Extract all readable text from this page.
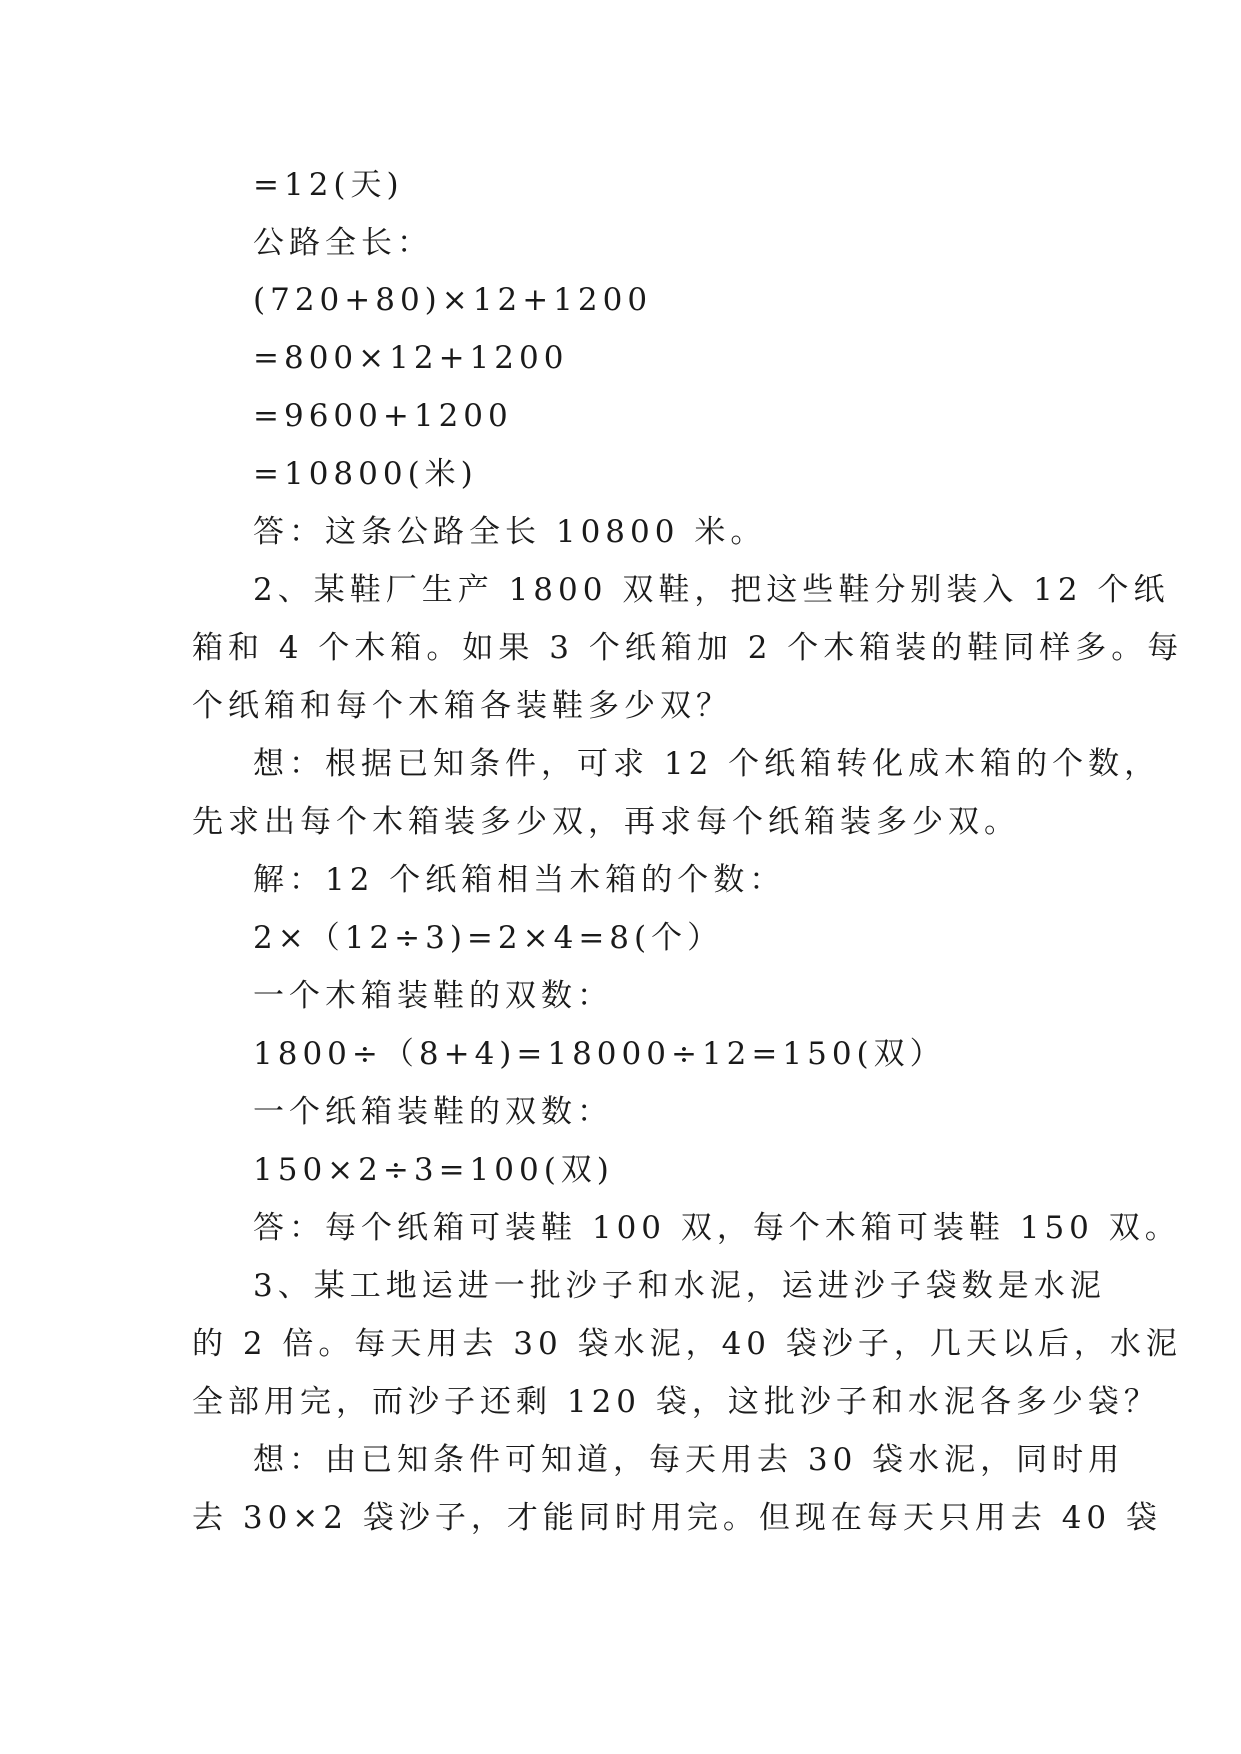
=12(天)
公路全长：
(720+80)×12+1200
=800×12+1200
=9600+1200
=10800(米)
答：这条公路全长 10800 米。
2、某鞋厂生产 1800 双鞋，把这些鞋分别装入 12 个纸
箱和 4 个木箱。如果 3 个纸箱加 2 个木箱装的鞋同样多。每
个纸箱和每个木箱各装鞋多少双？
想：根据已知条件，可求 12 个纸箱转化成木箱的个数，
先求出每个木箱装多少双，再求每个纸箱装多少双。
解：12 个纸箱相当木箱的个数：
2×（12÷3)=2×4=8(个）
一个木箱装鞋的双数：
1800÷（8+4)=18000÷12=150(双）
一个纸箱装鞋的双数：
150×2÷3=100(双)
答：每个纸箱可装鞋 100 双，每个木箱可装鞋 150 双。
3、某工地运进一批沙子和水泥，运进沙子袋数是水泥
的 2 倍。每天用去 30 袋水泥，40 袋沙子，几天以后，水泥
全部用完，而沙子还剩 120 袋，这批沙子和水泥各多少袋？
想：由已知条件可知道，每天用去 30 袋水泥，同时用
去 30×2 袋沙子，才能同时用完。但现在每天只用去 40 袋
